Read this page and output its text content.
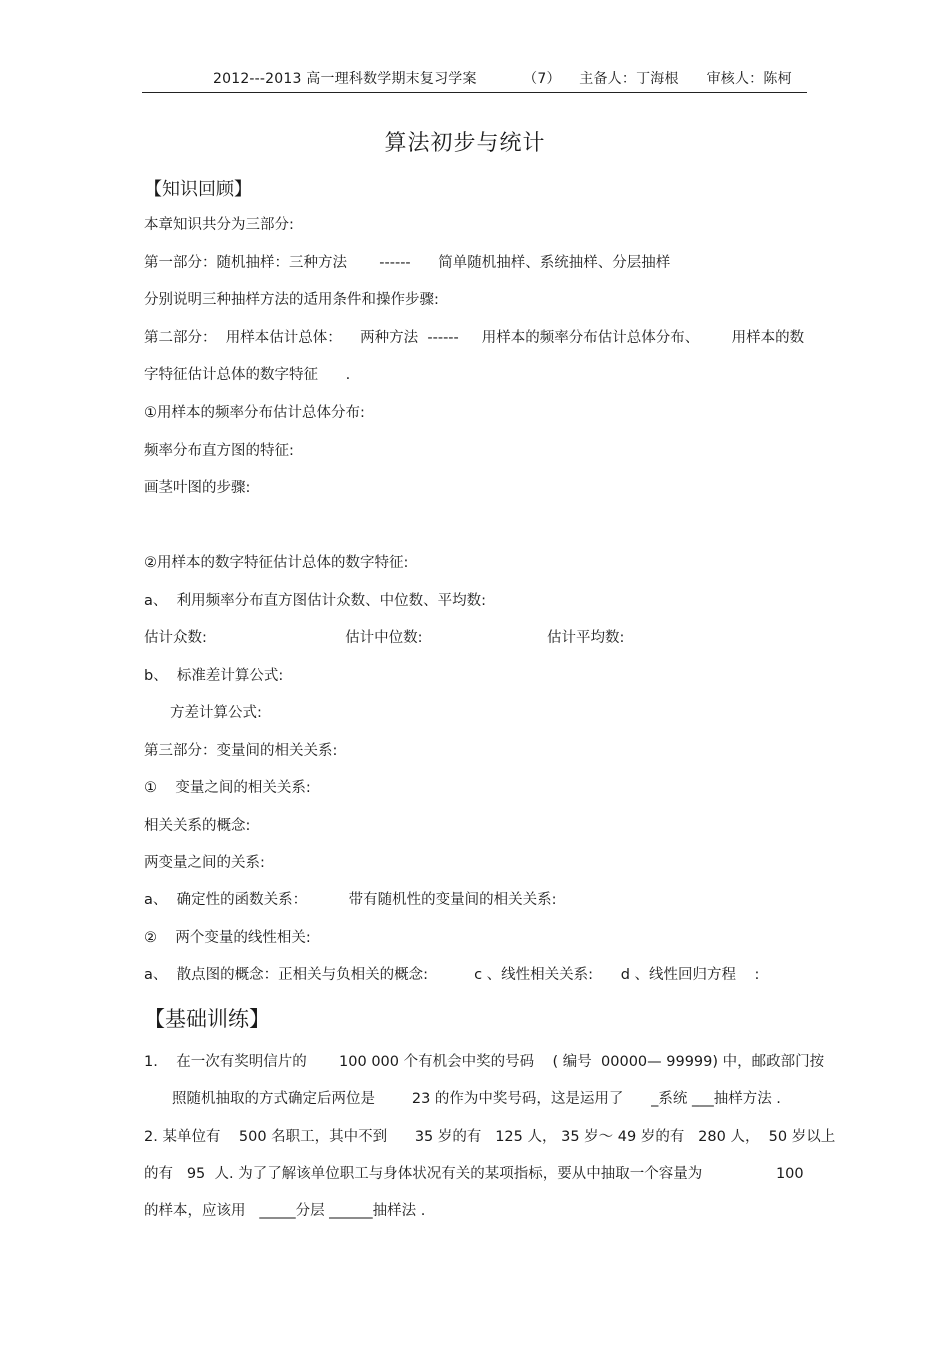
2012---2013 高一理科数学期末复习学案          （7）    主备人：丁海根      审核人：陈柯
算法初步与统计
【知识回顾】
本章知识共分为三部分:
第一部分：随机抽样：三种方法       ------      简单随机抽样、系统抽样、分层抽样
分别说明三种抽样方法的适用条件和操作步骤:
第二部分：  用样本估计总体：    两种方法  ------     用样本的频率分布估计总体分布、       用样本的数
字特征估计总体的数字特征      .
①用样本的频率分布估计总体分布:
频率分布直方图的特征:
画茎叶图的步骤:
②用样本的数字特征估计总体的数字特征:
a、  利用频率分布直方图估计众数、中位数、平均数:
估计众数:                              估计中位数:                           估计平均数:
b、  标准差计算公式:
方差计算公式:
第三部分：变量间的相关关系:
①    变量之间的相关关系:
相关关系的概念:
两变量之间的关系:
a、  确定性的函数关系：         带有随机性的变量间的相关关系:
②    两个变量的线性相关:
a、  散点图的概念：正相关与负相关的概念:          c 、线性相关关系:      d 、线性回归方程    :
【基础训练】
1.    在一次有奖明信片的       100 000 个有机会中奖的号码    ( 编号  00000— 99999) 中，邮政部门按
照随机抽取的方式确定后两位是        23 的作为中奖号码，这是运用了      _系统 ___抽样方法 .
2. 某单位有    500 名职工，其中不到      35 岁的有   125 人， 35 岁～ 49 岁的有   280 人，  50 岁以上
的有   95  人. 为了了解该单位职工与身体状况有关的某项指标，要从中抽取一个容量为                100
的样本，应该用   _____分层 ______抽样法 .
